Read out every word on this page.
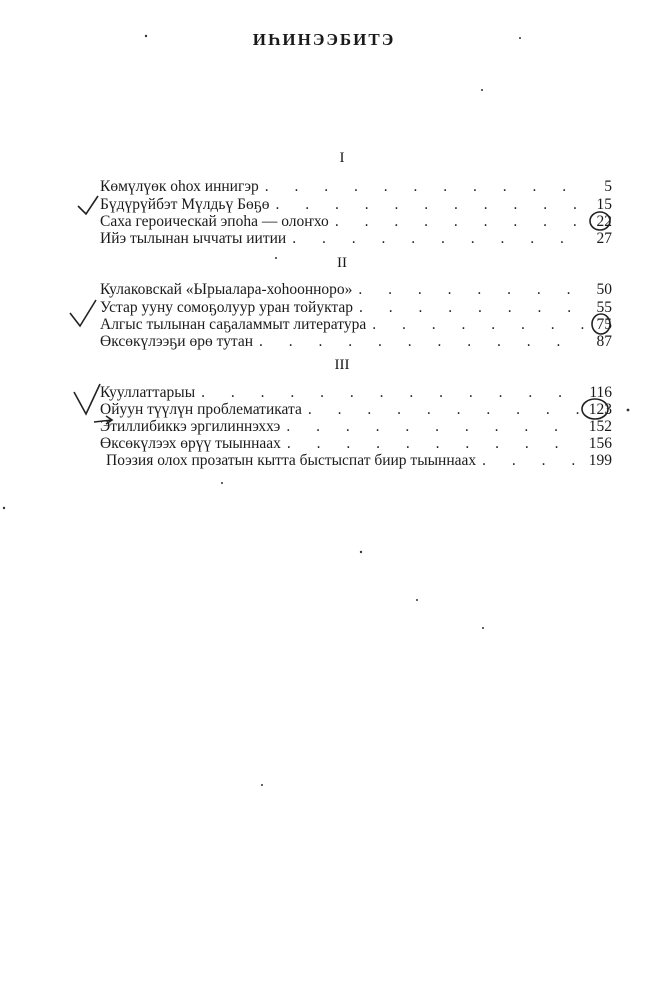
ИҺИНЭЭБИТЭ
I
Көмүлүөк оһох иннигэр . . .	5
Бүдүрүйбэт Мүлдьү Бөҕө . . .	15
Саха героическай эпоһа — олоҥхо . . .	22
Ийэ тылынан ыччаты иитии . . .	27
II
Кулаковскай «Ырыалара-хоһоонноро» . . .	50
Устар ууну сомоҕолуур уран тойуктар . . .	55
Алгыс тылынан саҕаламмыт литература . . .	75
Өксөкүлээҕи өрө тутан . . .	87
III
Кууллаттарыы . . .	116
Ойуун түүлүн проблематиката . . .	123
Этиллибиккэ эргилиннэххэ . . .	152
Өксөкүлээх өрүү тыыннаах . . .	156
Поэзия олох прозатын кытта быстыспат биир тыыннаах . . .	199
